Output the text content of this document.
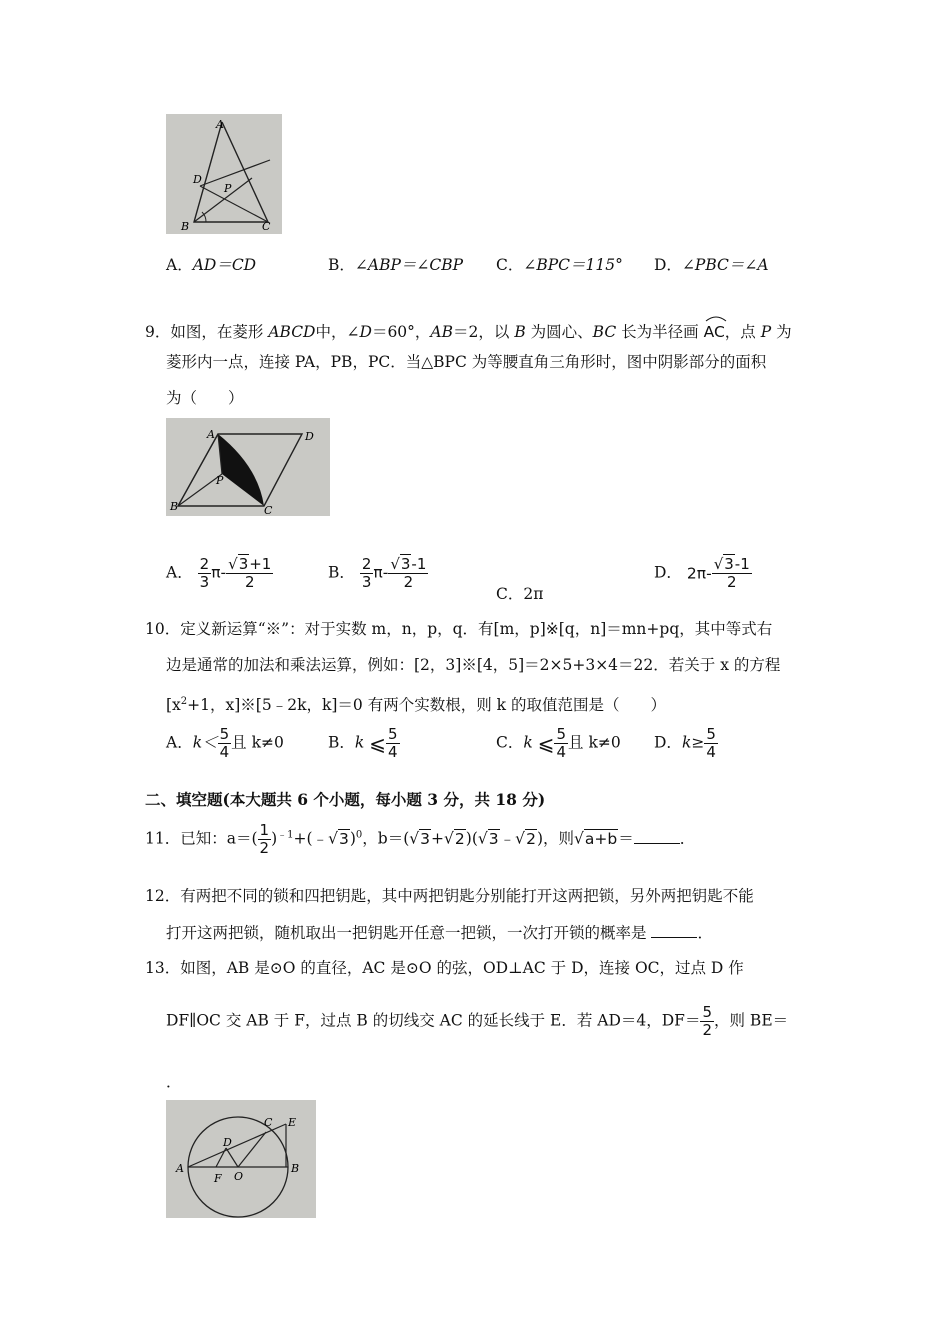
A
D
P
B	C
A．AD＝CD	B．∠ABP＝∠CBP C．∠BPC＝115° D．∠PBC＝∠A
9．如图，在菱形 ABCD中，∠D＝60°，AB＝2，以 B 为圆心、BC 长为半径画 AC，点 P 为
菱形内一点，连接 PA，PB，PC．当△BPC 为等腰直角三角形时，图中阴影部分的面积
为（　　）
A	D
P
B	C
A． $\frac{2}{3} \pi- \frac{√3+1}{2}$	B． $\frac{2}{3} \pi- \frac{√3-1}{2}$
C．2π
D． $2\pi- \frac{√3-1}{2}$
10．定义新运算“※”：对于实数 m，n，p，q．有[m，p]※[q，n]＝mn+pq，其中等式右
边是通常的加法和乘法运算，例如：[2，3]※[4，5]＝2×5+3×4＝22．若关于 x 的方程
[$x^2+1$，x]※[5﹣2k，k]＝0 有两个实数根，则 k 的取值范围是（　　）
A．$k< \frac{5}{4}$ 且 k≠0	B．k ⩽ $\frac{5}{4}$	C．k ⩽ $\frac{5}{4}$ 且 k≠0 D．$k\ge \frac{5}{4}$
二、填空题(本大题共 6 个小题，每小题 3 分，共 18 分)
11．已知：$a=( \frac{1}{2}$ )$^{﹣1}+(﹣√3)^0$，b＝(√3+√2)(√3﹣√2)，则√a+b＝	．
12．有两把不同的锁和四把钥匙，其中两把钥匙分别能打开这两把锁，另外两把钥匙不能
打开这两把锁，随机取出一把钥匙开任意一把锁，一次打开锁的概率是	．
13．如图，AB 是⊙O 的直径，AC 是⊙O 的弦，OD⊥AC 于 D，连接 OC，过点 D 作
DF∥OC 交 AB 于 F，过点 B 的切线交 AC 的延长线于 E．若 AD＝4，$DF= \frac{5}{2}$ ，则 BE＝
．
A	B
C
D
E
F O
